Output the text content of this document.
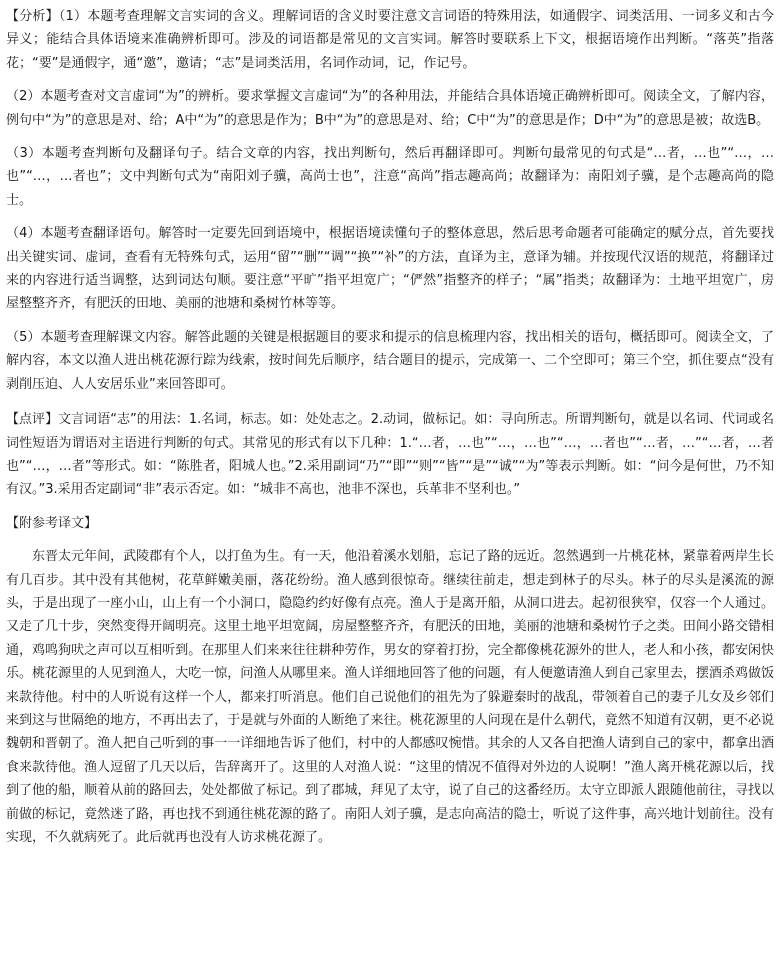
【分析】（1）本题考查理解文言实词的含义。理解词语的含义时要注意文言词语的特殊用法，如通假字、词类活用、一词多义和古今异义；能结合具体语境来准确辨析即可。涉及的词语都是常见的文言实词。解答时要联系上下文，根据语境作出判断。“落英”指落花；“要”是通假字，通“邀”，邀请；“志”是词类活用，名词作动词，记，作记号。

（2）本题考查对文言虚词“为”的辨析。要求掌握文言虚词“为”的各种用法，并能结合具体语境正确辨析即可。阅读全文，了解内容，例句中“为”的意思是对、给；A中“为”的意思是作为；B中“为”的意思是对、给；C中“为”的意思是作；D中“为”的意思是被；故选B。

（3）本题考查判断句及翻译句子。结合文章的内容，找出判断句，然后再翻译即可。判断句最常见的句式是“…者，…也”“…，…也”“…，…者也”；文中判断句式为“南阳刘子骥，高尚士也”，注意“高尚”指志趣高尚；故翻译为：南阳刘子骥，是个志趣高尚的隐士。

（4）本题考查翻译语句。解答时一定要先回到语境中，根据语境读懂句子的整体意思，然后思考命题者可能确定的赋分点，首先要找出关键实词、虚词，查看有无特殊句式，运用“留”“删”“调”“换”“补”的方法，直译为主，意译为辅。并按现代汉语的规范，将翻译过来的内容进行适当调整，达到词达句顺。要注意“平旷”指平坦宽广；“俨然”指整齐的样子；“属”指类；故翻译为：土地平坦宽广，房屋整整齐齐，有肥沃的田地、美丽的池塘和桑树竹林等等。

（5）本题考查理解课文内容。解答此题的关键是根据题目的要求和提示的信息梳理内容，找出相关的语句，概括即可。阅读全文，了解内容，本文以渔人进出桃花源行踪为线索，按时间先后顺序，结合题目的提示，完成第一、二个空即可；第三个空，抓住要点“没有剥削压迫、人人安居乐业”来回答即可。

【点评】文言词语“志”的用法：1.名词，标志。如：处处志之。2.动词，做标记。如：寻向所志。所谓判断句，就是以名词、代词或名词性短语为谓语对主语进行判断的句式。其常见的形式有以下几种：1.“…者，…也”“…，…也”“…，…者也”“…者，…”“…者，…者也”“…，…者”等形式。如：“陈胜者，阳城人也。”2.采用副词“乃”“即”“则”“皆”“是”“诚”“为”等表示判断。如：“问今是何世，乃不知有汉。”3.采用否定副词“非”表示否定。如：“城非不高也，池非不深也，兵革非不坚利也。”

【附参考译文】

东晋太元年间，武陵郡有个人，以打鱼为生。有一天，他沿着溪水划船，忘记了路的远近。忽然遇到一片桃花林，紧靠着两岸生长有几百步。其中没有其他树，花草鲜嫩美丽，落花纷纷。渔人感到很惊奇。继续往前走，想走到林子的尽头。林子的尽头是溪流的源头，于是出现了一座小山，山上有一个小洞口，隐隐约约好像有点亮。渔人于是离开船，从洞口进去。起初很狭窄，仅容一个人通过。又走了几十步，突然变得开阔明亮。这里土地平坦宽阔，房屋整整齐齐，有肥沃的田地，美丽的池塘和桑树竹子之类。田间小路交错相通，鸡鸣狗吠之声可以互相听到。在那里人们来来往往耕种劳作，男女的穿着打扮，完全都像桃花源外的世人，老人和小孩，都安闲快乐。桃花源里的人见到渔人，大吃一惊，问渔人从哪里来。渔人详细地回答了他的问题，有人便邀请渔人到自己家里去，摆酒杀鸡做饭来款待他。村中的人听说有这样一个人，都来打听消息。他们自己说他们的祖先为了躲避秦时的战乱，带领着自己的妻子儿女及乡邻们来到这与世隔绝的地方，不再出去了，于是就与外面的人断绝了来往。桃花源里的人问现在是什么朝代，竟然不知道有汉朝，更不必说魏朝和晋朝了。渔人把自己听到的事一一详细地告诉了他们，村中的人都感叹惋惜。其余的人又各自把渔人请到自己的家中，都拿出酒食来款待他。渔人逗留了几天以后，告辞离开了。这里的人对渔人说：“这里的情况不值得对外边的人说啊！”渔人离开桃花源以后，找到了他的船，顺着从前的路回去，处处都做了标记。到了郡城，拜见了太守，说了自己的这番经历。太守立即派人跟随他前往，寻找以前做的标记，竟然迷了路，再也找不到通往桃花源的路了。南阳人刘子骥，是志向高洁的隐士，听说了这件事，高兴地计划前往。没有实现，不久就病死了。此后就再也没有人访求桃花源了。
